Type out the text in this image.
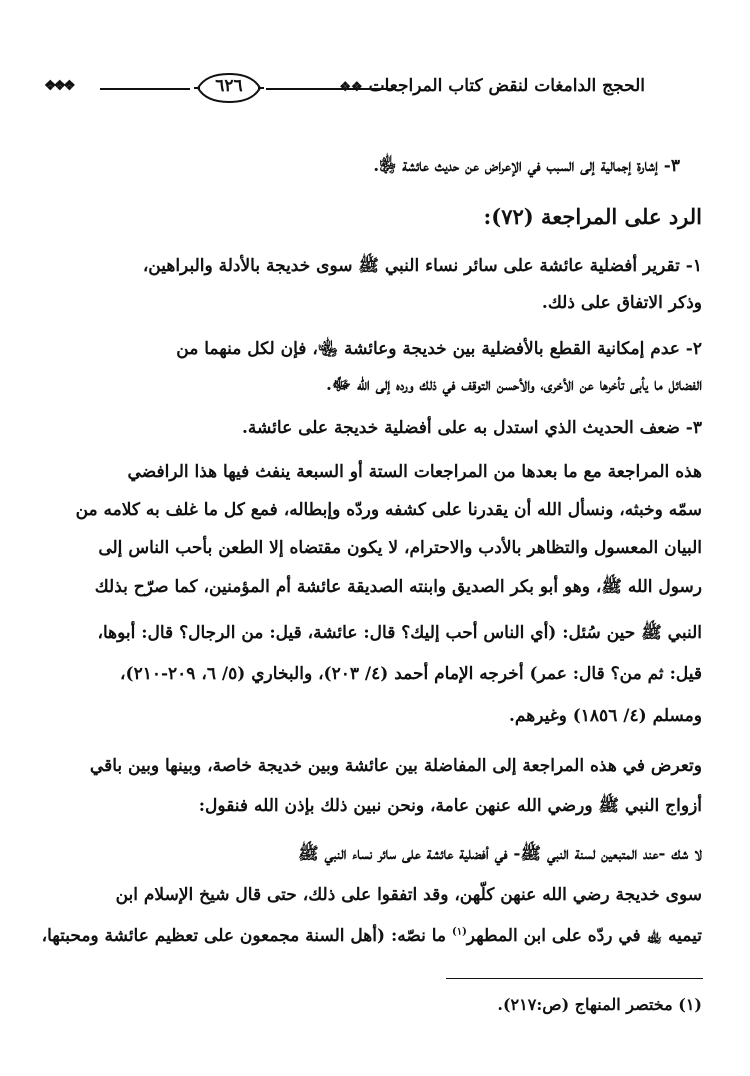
❖❖❖	٦٢٦	الحجج الدامغات لنقض كتاب المراجعات ❖❖
٣- إشارة إجمالية إلى السبب في الإعراض عن حديث عائشة ﵂.
الرد على المراجعة (٧٢):
١- تقرير أفضلية عائشة على سائر نساء النبي ﷺ سوى خديجة بالأدلة والبراهين،
وذكر الاتفاق على ذلك.
٢- عدم إمكانية القطع بالأفضلية بين خديجة وعائشة ﵄، فإن لكل منهما من
الفضائل ما يأبى تأخرها عن الأخرى، والأحسن التوقف في ذلك ورده إلى الله ﷻ.
٣- ضعف الحديث الذي استدل به على أفضلية خديجة على عائشة.
هذه المراجعة مع ما بعدها من المراجعات الستة أو السبعة ينفث فيها هذا الرافضي
سمّه وخبثه، ونسأل الله أن يقدرنا على كشفه وردّه وإبطاله، فمع كل ما غلف به كلامه من
البيان المعسول والتظاهر بالأدب والاحترام، لا يكون مقتضاه إلا الطعن بأحب الناس إلى
رسول الله ﷺ، وهو أبو بكر الصديق وابنته الصديقة عائشة أم المؤمنين، كما صرّح بذلك
النبي ﷺ حين سُئل: (أي الناس أحب إليك؟ قال: عائشة، قيل: من الرجال؟ قال: أبوها،
قيل: ثم من؟ قال: عمر) أخرجه الإمام أحمد (٤/ ٢٠٣)، والبخاري (٥/ ٦، ٢٠٩-٢١٠)،
ومسلم (٤/ ١٨٥٦) وغيرهم.
وتعرض في هذه المراجعة إلى المفاضلة بين عائشة وبين خديجة خاصة، وبينها وبين باقي
أزواج النبي ﷺ ورضي الله عنهن عامة، ونحن نبين ذلك بإذن الله فنقول:
لا شك -عند المتبعين لسنة النبي ﷺ- في أفضلية عائشة على سائر نساء النبي ﷺ
سوى خديجة رضي الله عنهن كلّهن، وقد اتفقوا على ذلك، حتى قال شيخ الإسلام ابن
تيميه ﵀ في ردّه على ابن المطهر$^{(١)}$ ما نصّه: (أهل السنة مجمعون على تعظيم عائشة ومحبتها،
(١) مختصر المنهاج (ص:٢١٧).
